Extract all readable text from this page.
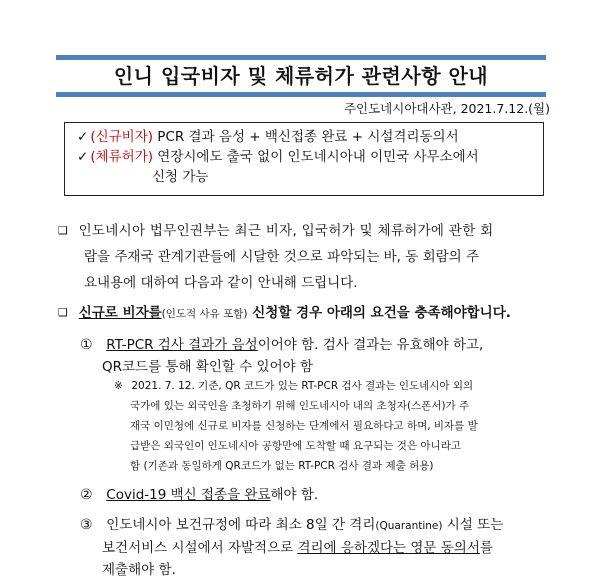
인니 입국비자 및 체류허가 관련사항 안내
주인도네시아대사관, 2021.7.12.(월)
✓ (신규비자) PCR 결과 음성 + 백신접종 완료 + 시설격리동의서
✓ (체류허가) 연장시에도 출국 없이 인도네시아내 이민국 사무소에서
신청 가능
❑ 인도네시아 법무인권부는 최근 비자, 입국허가 및 체류허가에 관한 회
람을 주재국 관계기관들에 시달한 것으로 파악되는 바, 동 회람의 주
요내용에 대하여 다음과 같이 안내해 드립니다.
❑ 신규로 비자를(인도적 사유 포함) 신청할 경우 아래의 요건을 충족해야합니다.
① RT-PCR 검사 결과가 음성이어야 함. 검사 결과는 유효해야 하고,
QR코드를 통해 확인할 수 있어야 함
※ 2021. 7. 12. 기준, QR 코드가 있는 RT-PCR 검사 결과는 인도네시아 외의
국가에 있는 외국인을 초청하기 위해 인도네시아 내의 초청자(스폰서)가 주
재국 이민청에 신규로 비자를 신청하는 단계에서 필요하다고 하며, 비자를 발
급받은 외국인이 인도네시아 공항만에 도착할 때 요구되는 것은 아니라고
함 (기존과 동일하게 QR코드가 없는 RT-PCR 검사 결과 제출 허용)
② Covid-19 백신 접종을 완료해야 함.
③ 인도네시아 보건규정에 따라 최소 8일 간 격리(Quarantine) 시설 또는
보건서비스 시설에서 자발적으로 격리에 응하겠다는 영문 동의서를
제출해야 함.
